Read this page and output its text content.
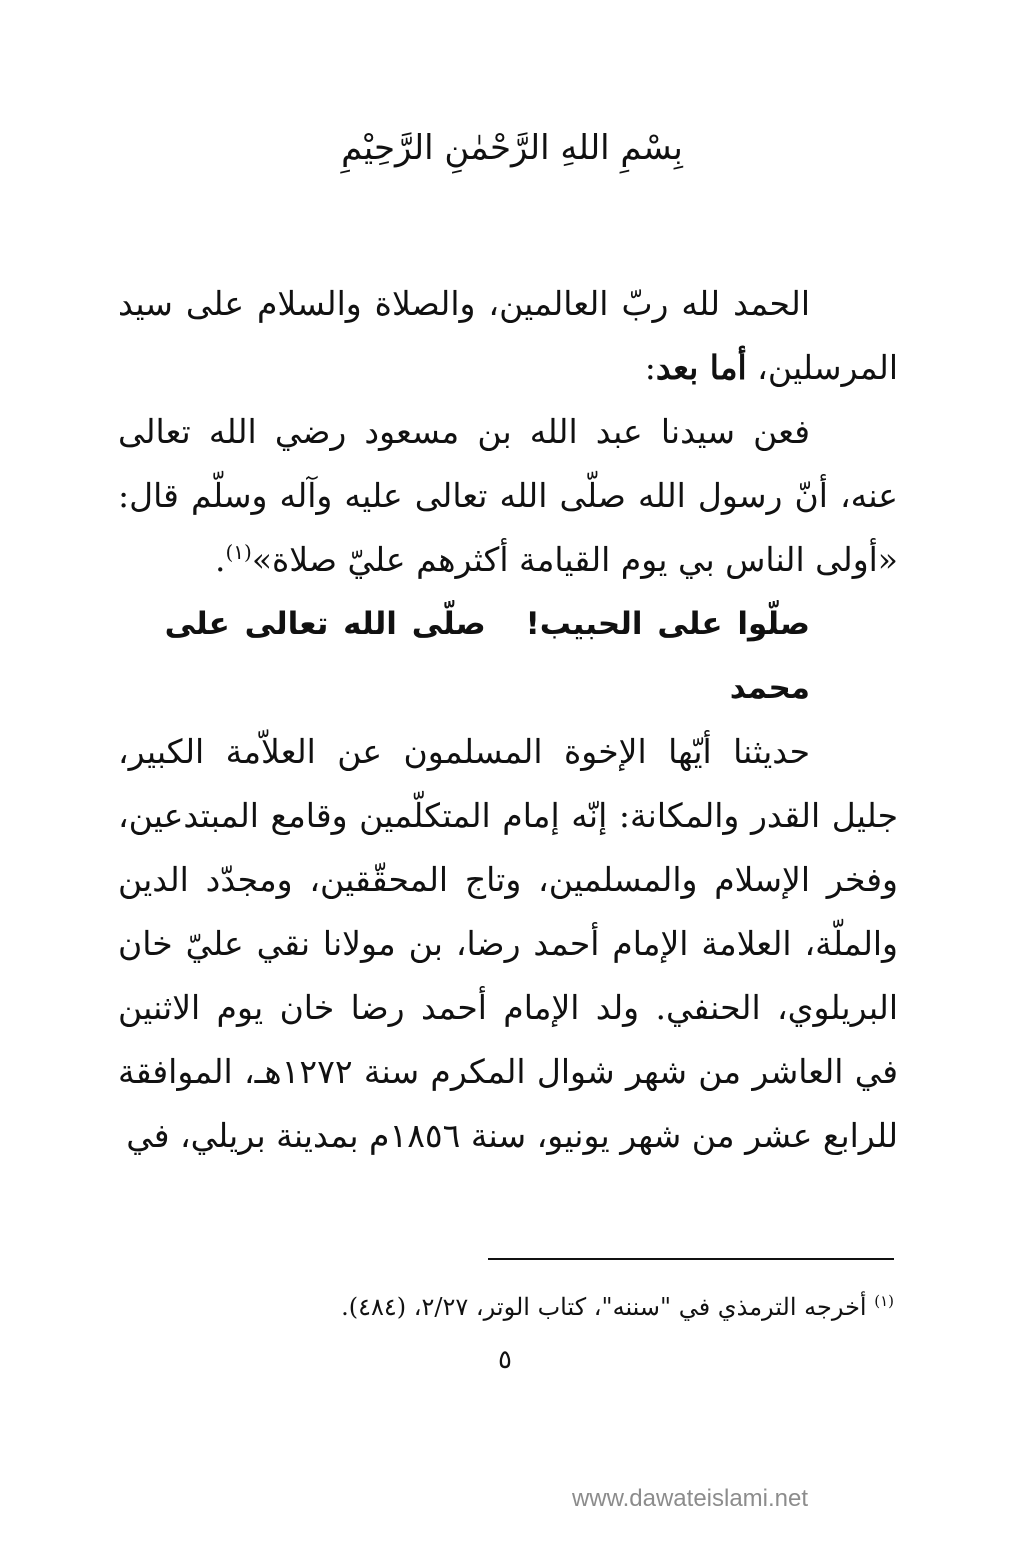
بِسْمِ اللهِ الرَّحْمٰنِ الرَّحِيْمِ

الحمد لله ربّ العالمين، والصلاة والسلام على سيد المرسلين، أما بعد:

فعن سيدنا عبد الله بن مسعود رضي الله تعالى عنه، أنّ رسول الله صلّى الله تعالى عليه وآله وسلّم قال: «أولى الناس بي يوم القيامة أكثرهم عليّ صلاة»$^{(١)}$.

صلّوا على الحبيب!صلّى الله تعالى على محمد

حديثنا أيّها الإخوة المسلمون عن العلاّمة الكبير، جليل القدر والمكانة: إنّه إمام المتكلّمين وقامع المبتدعين، وفخر الإسلام والمسلمين، وتاج المحقّقين، ومجدّد الدين والملّة، العلامة الإمام أحمد رضا، بن مولانا نقي عليّ خان البريلوي، الحنفي. ولد الإمام أحمد رضا خان يوم الاثنين في العاشر من شهر شوال المكرم سنة ١٢٧٢هـ، الموافقة للرابع عشر من شهر يونيو، سنة ١٨٥٦م بمدينة بريلي، في

$^{(١)}$ أخرجه الترمذي في "سننه"، كتاب الوتر، ٢/٢٧، (٤٨٤).
٥
www.dawateislami.net
